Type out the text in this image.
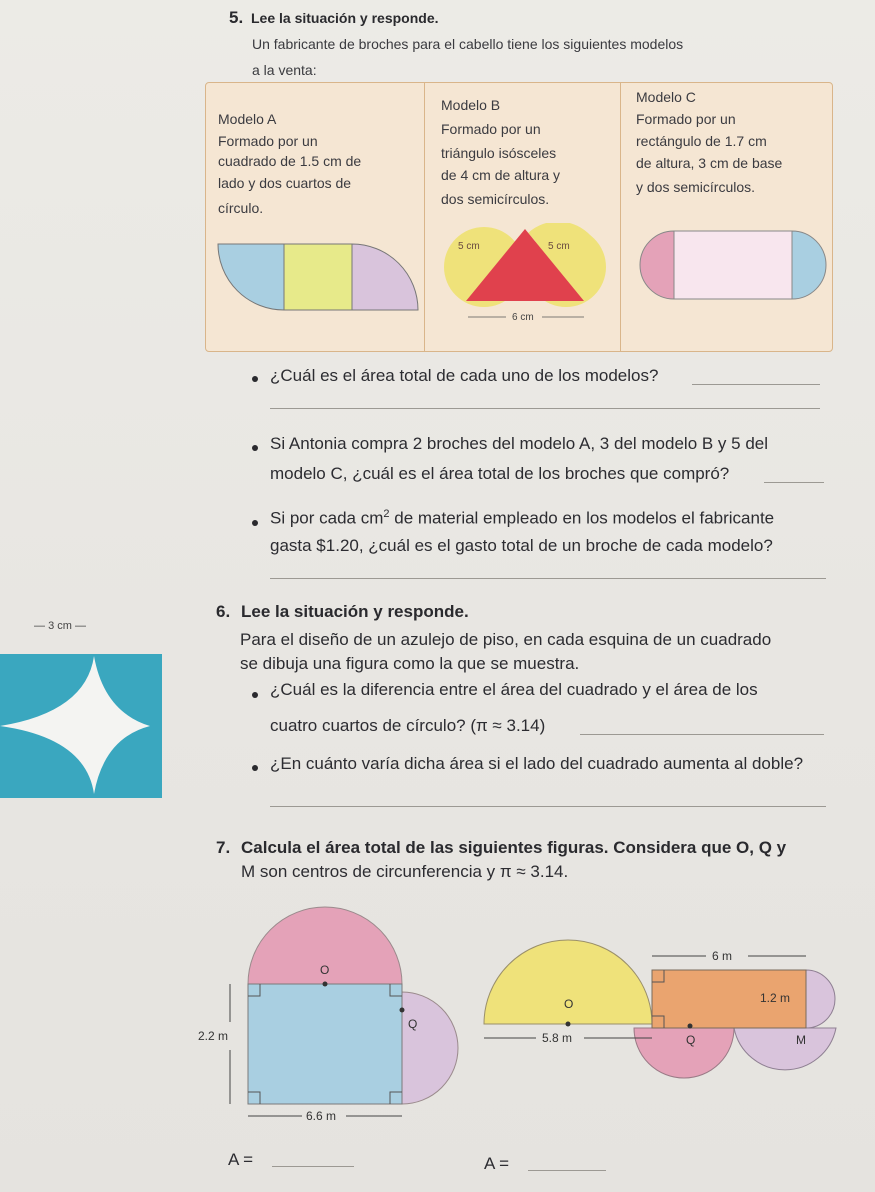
5. Lee la situación y responde.
Un fabricante de broches para el cabello tiene los siguientes modelos
a la venta:
Modelo A
Formado por un
cuadrado de 1.5 cm de
lado y dos cuartos de
círculo.
Modelo B
Formado por un
triángulo isósceles
de 4 cm de altura y
dos semicírculos.
Modelo C
Formado por un
rectángulo de 1.7 cm
de altura, 3 cm de base
y dos semicírculos.
5 cm	5 cm
6 cm
¿Cuál es el área total de cada uno de los modelos?
Si Antonia compra 2 broches del modelo A, 3 del modelo B y 5 del
modelo C, ¿cuál es el área total de los broches que compró?
Si por cada $cm^2$ de material empleado en los modelos el fabricante
gasta $1.20, ¿cuál es el gasto total de un broche de cada modelo?
6. Lee la situación y responde.
Para el diseño de un azulejo de piso, en cada esquina de un cuadrado
se dibuja una figura como la que se muestra.
¿Cuál es la diferencia entre el área del cuadrado y el área de los
cuatro cuartos de círculo? (π ≈ 3.14)
¿En cuánto varía dicha área si el lado del cuadrado aumenta al doble?
— 3 cm —
7. Calcula el área total de las siguientes figuras. Considera que O, Q y
M son centros de circunferencia y π ≈ 3.14.
O
Q
2.2 m
6.6 m
O
Q	M
6 m
1.2 m
5.8 m
A =	A =
